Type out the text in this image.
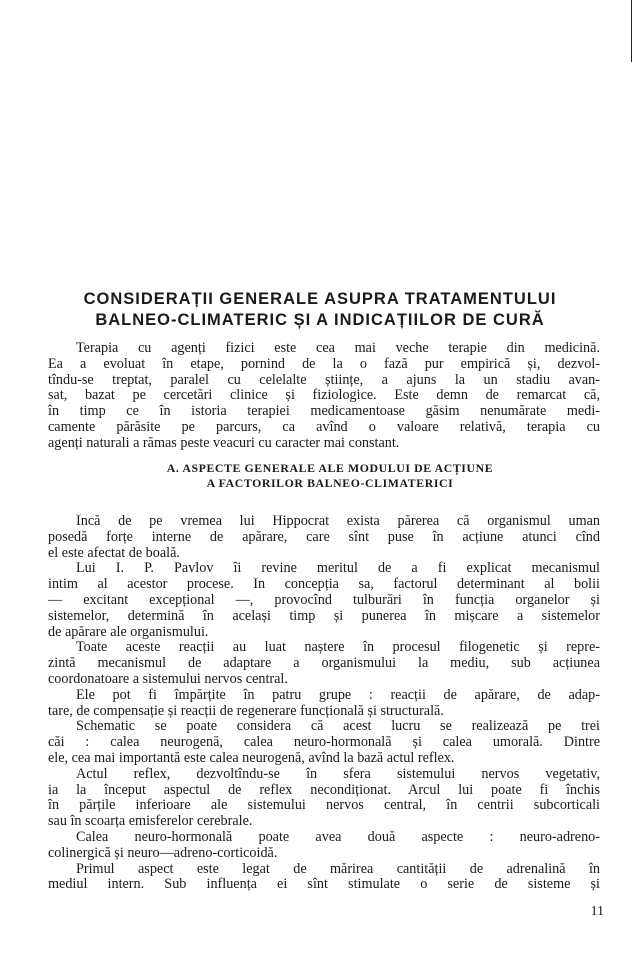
CONSIDERAȚII GENERALE ASUPRA TRATAMENTULUI
BALNEO-CLIMATERIC ȘI A INDICAȚIILOR DE CURĂ

Terapia cu agenți fizici este cea mai veche terapie din medicină.
Ea a evoluat în etape, pornind de la o fază pur empirică și, dezvol-
tîndu-se treptat, paralel cu celelalte științe, a ajuns la un stadiu avan-
sat, bazat pe cercetări clinice și fiziologice. Este demn de remarcat că,
în timp ce în istoria terapiei medicamentoase găsim nenumărate medi-
camente părăsite pe parcurs, ca avînd o valoare relativă, terapia cu
agenți naturali a rămas peste veacuri cu caracter mai constant.

A. ASPECTE GENERALE ALE MODULUI DE ACȚIUNE
A FACTORILOR BALNEO-CLIMATERICI

Încă de pe vremea lui Hippocrat exista părerea că organismul uman
posedă forțe interne de apărare, care sînt puse în acțiune atunci cînd
el este afectat de boală.

Lui I. P. Pavlov îi revine meritul de a fi explicat mecanismul
intim al acestor procese. În concepția sa, factorul determinant al bolii
— excitant excepțional —, provocînd tulburări în funcția organelor și
sistemelor, determină în același timp și punerea în mișcare a sistemelor
de apărare ale organismului.

Toate aceste reacții au luat naștere în procesul filogenetic și repre-
zintă mecanismul de adaptare a organismului la mediu, sub acțiunea
coordonatoare a sistemului nervos central.

Ele pot fi împărțite în patru grupe : reacții de apărare, de adap-
tare, de compensație și reacții de regenerare funcțională și structurală.

Schematic se poate considera că acest lucru se realizează pe trei
căi : calea neurogenă, calea neuro-hormonală și calea umorală. Dintre
ele, cea mai importantă este calea neurogenă, avînd la bază actul reflex.

Actul reflex, dezvoltîndu-se în sfera sistemului nervos vegetativ,
ia la început aspectul de reflex necondiționat. Arcul lui poate fi închis
în părțile inferioare ale sistemului nervos central, în centrii subcorticali
sau în scoarța emisferelor cerebrale.

Calea neuro-hormonală poate avea două aspecte : neuro-adreno-
colinergică și neuro—adreno-corticoidă.

Primul aspect este legat de mărirea cantității de adrenalină în
mediul intern. Sub influența ei sînt stimulate o serie de sisteme și

11
